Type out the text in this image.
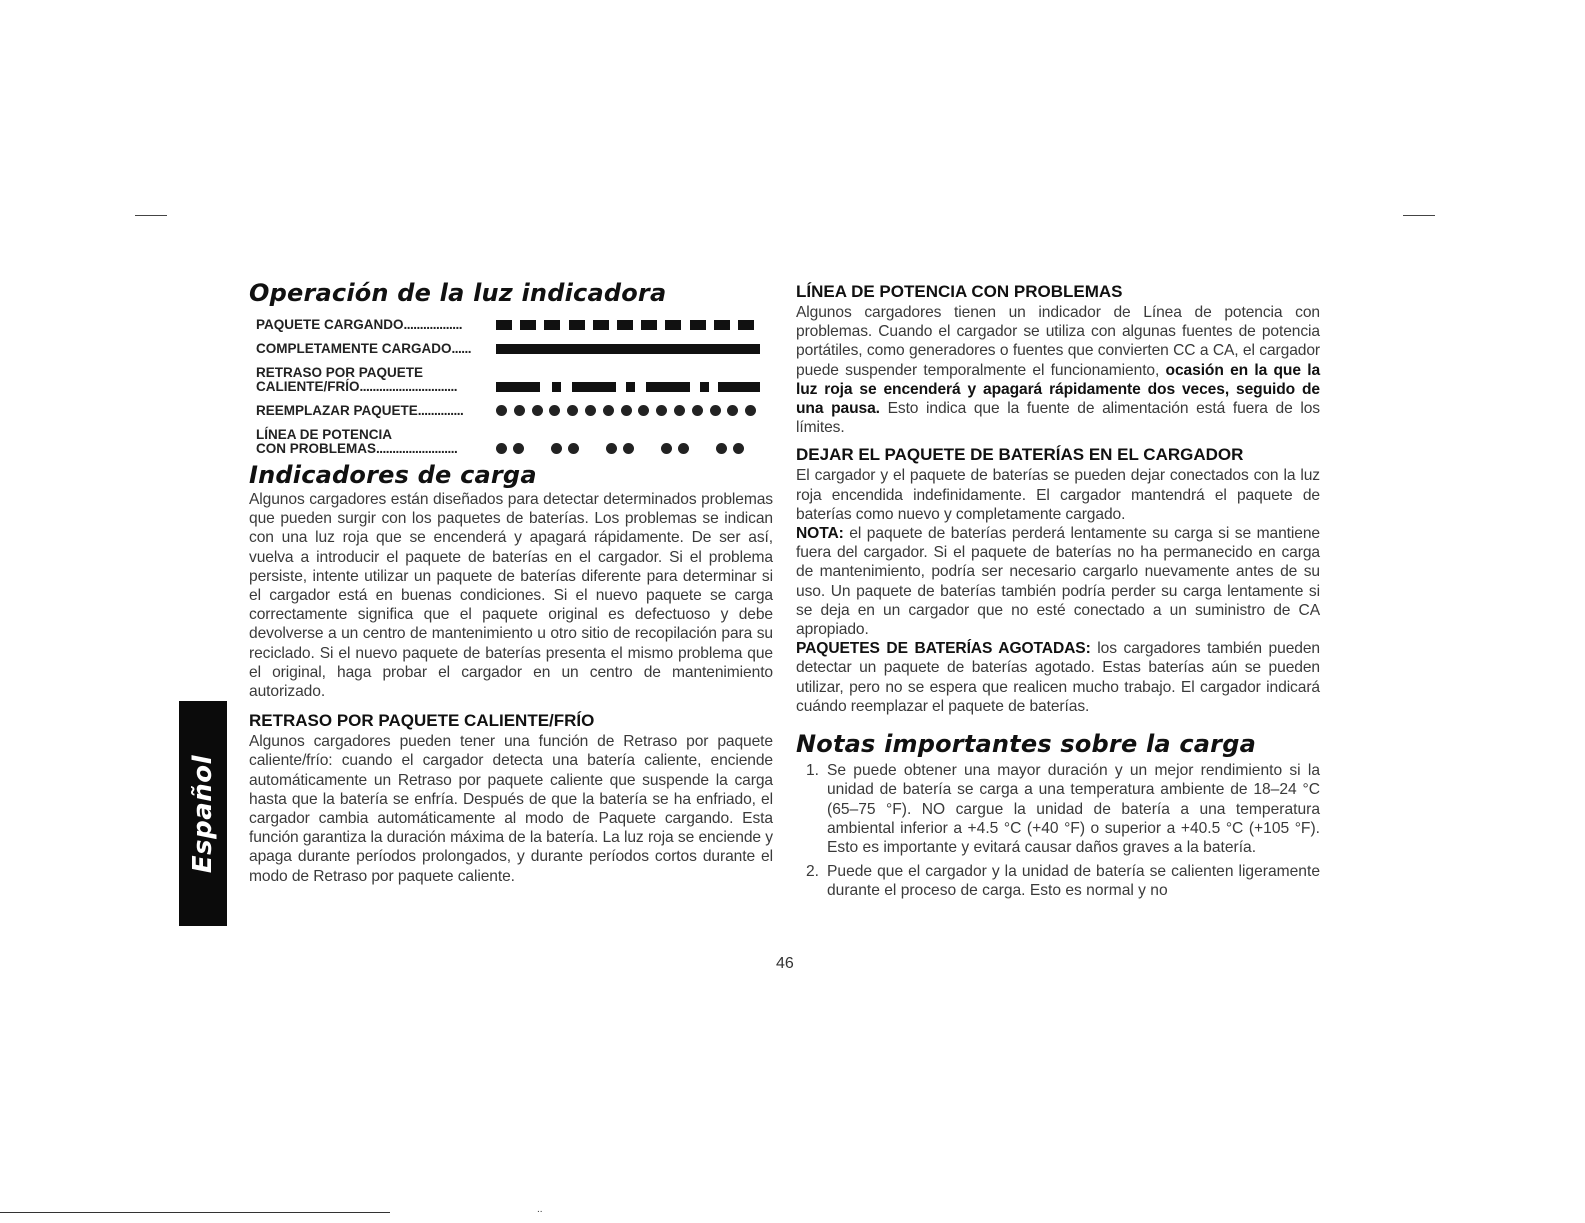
..
Español
Operación de la luz indicadora
PAQUETE CARGANDO..................
COMPLETAMENTE CARGADO......
RETRASO POR PAQUETE
CALIENTE/FRÍO..............................
REEMPLAZAR PAQUETE..............
LÍNEA DE POTENCIA
CON PROBLEMAS.........................
Indicadores de carga

Algunos cargadores están diseñados para detectar determinados problemas que pueden surgir con los paquetes de baterías. Los problemas se indican con una luz roja que se encenderá y apagará rápidamente. De ser así, vuelva a introducir el paquete de baterías en el cargador. Si el problema persiste, intente utilizar un paquete de baterías diferente para determinar si el cargador está en buenas condiciones. Si el nuevo paquete se carga correctamente significa que el paquete original es defectuoso y debe devolverse a un centro de mantenimiento u otro sitio de recopilación para su reciclado. Si el nuevo paquete de baterías presenta el mismo problema que el original, haga probar el cargador en un centro de mantenimiento autorizado.

RETRASO POR PAQUETE CALIENTE/FRÍO

Algunos cargadores pueden tener una función de Retraso por paquete caliente/frío: cuando el cargador detecta una batería caliente, enciende automáticamente un Retraso por paquete caliente que suspende la carga hasta que la batería se enfría. Después de que la batería se ha enfriado, el cargador cambia automáticamente al modo de Paquete cargando. Esta función garantiza la duración máxima de la batería. La luz roja se enciende y apaga durante períodos prolongados, y durante períodos cortos durante el modo de Retraso por paquete caliente.

LÍNEA DE POTENCIA CON PROBLEMAS

Algunos cargadores tienen un indicador de Línea de potencia con problemas. Cuando el cargador se utiliza con algunas fuentes de potencia portátiles, como generadores o fuentes que convierten CC a CA, el cargador puede suspender temporalmente el funcionamiento, ocasión en la que la luz roja se encenderá y apagará rápidamente dos veces, seguido de una pausa. Esto indica que la fuente de alimentación está fuera de los límites.

DEJAR EL PAQUETE DE BATERÍAS EN EL CARGADOR

El cargador y el paquete de baterías se pueden dejar conectados con la luz roja encendida indefinidamente. El cargador mantendrá el paquete de baterías como nuevo y completamente cargado.

NOTA: el paquete de baterías perderá lentamente su carga si se mantiene fuera del cargador. Si el paquete de baterías no ha permanecido en carga de mantenimiento, podría ser necesario cargarlo nuevamente antes de su uso. Un paquete de baterías también podría perder su carga lentamente si se deja en un cargador que no esté conectado a un suministro de CA apropiado.

PAQUETES DE BATERÍAS AGOTADAS: los cargadores también pueden detectar un paquete de baterías agotado. Estas baterías aún se pueden utilizar, pero no se espera que realicen mucho trabajo. El cargador indicará cuándo reemplazar el paquete de baterías.

Notas importantes sobre la carga
1. Se puede obtener una mayor duración y un mejor rendimiento si la unidad de batería se carga a una temperatura ambiente de 18–24 °C (65–75 °F). NO cargue la unidad de batería a una temperatura ambiental inferior a +4.5 °C (+40 °F) o superior a +40.5 °C (+105 °F). Esto es importante y evitará causar daños graves a la batería.
2. Puede que el cargador y la unidad de batería se calienten ligeramente durante el proceso de carga. Esto es normal y no
46
